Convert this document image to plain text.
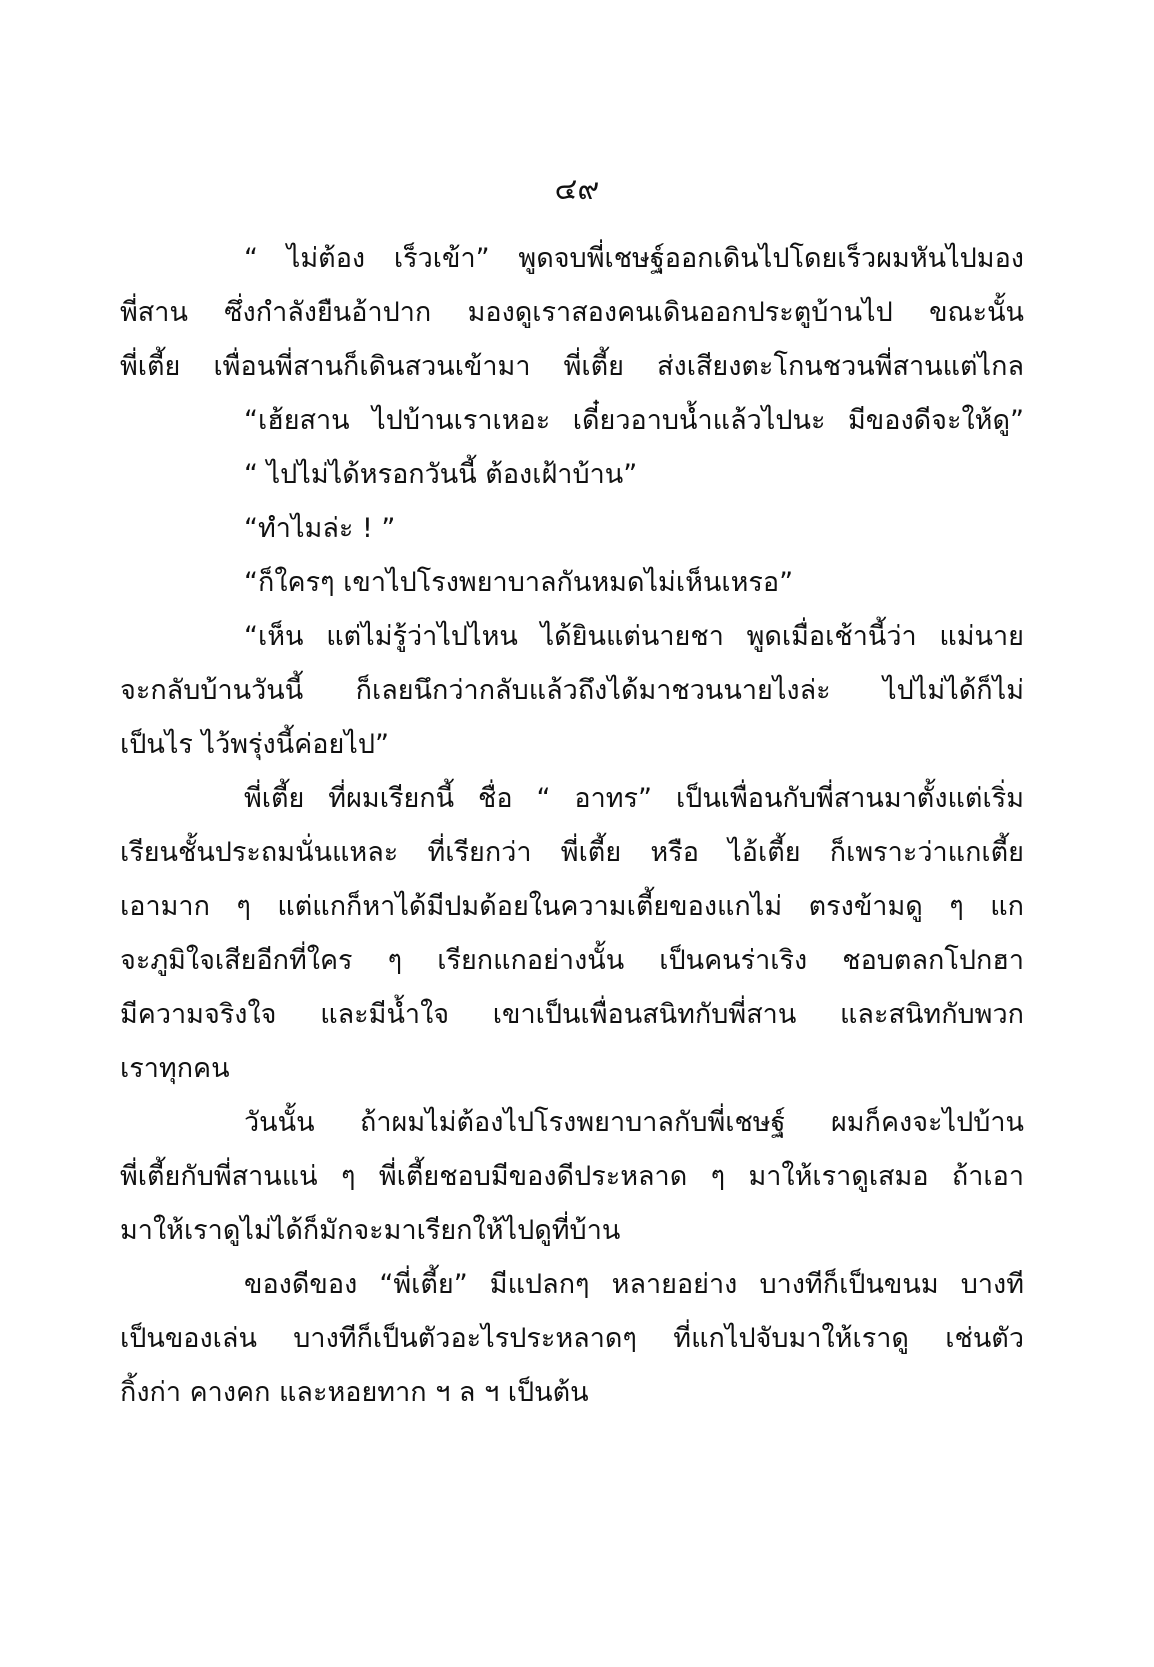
๔๙
“ ไม่ต้อง เร็วเข้า” พูดจบพี่เชษฐ์ออกเดินไปโดยเร็วผมหันไปมอง
พี่สาน ซึ่งกำลังยืนอ้าปาก มองดูเราสองคนเดินออกประตูบ้านไป ขณะนั้น
พี่เตี้ย เพื่อนพี่สานก็เดินสวนเข้ามา พี่เตี้ย ส่งเสียงตะโกนชวนพี่สานแต่ไกล
“เฮ้ยสาน ไปบ้านเราเหอะ เดี๋ยวอาบน้ำแล้วไปนะ มีของดีจะให้ดู”
“ ไปไม่ได้หรอกวันนี้ ต้องเฝ้าบ้าน”
“ทำไมล่ะ ! ”
“ก็ใครๆ เขาไปโรงพยาบาลกันหมดไม่เห็นเหรอ”
“เห็น แต่ไม่รู้ว่าไปไหน ได้ยินแต่นายชา พูดเมื่อเช้านี้ว่า แม่นาย
จะกลับบ้านวันนี้ ก็เลยนึกว่ากลับแล้วถึงได้มาชวนนายไงล่ะ ไปไม่ได้ก็ไม่
เป็นไร ไว้พรุ่งนี้ค่อยไป”
พี่เตี้ย ที่ผมเรียกนี้ ชื่อ “ อาทร” เป็นเพื่อนกับพี่สานมาตั้งแต่เริ่ม
เรียนชั้นประถมนั่นแหละ ที่เรียกว่า พี่เตี้ย หรือ ไอ้เตี้ย ก็เพราะว่าแกเตี้ย
เอามาก ๆ แต่แกก็หาได้มีปมด้อยในความเตี้ยของแกไม่ ตรงข้ามดู ๆ แก
จะภูมิใจเสียอีกที่ใคร ๆ เรียกแกอย่างนั้น เป็นคนร่าเริง ชอบตลกโปกฮา
มีความจริงใจ และมีน้ำใจ เขาเป็นเพื่อนสนิทกับพี่สาน และสนิทกับพวก
เราทุกคน
วันนั้น ถ้าผมไม่ต้องไปโรงพยาบาลกับพี่เชษฐ์ ผมก็คงจะไปบ้าน
พี่เตี้ยกับพี่สานแน่ ๆ พี่เตี้ยชอบมีของดีประหลาด ๆ มาให้เราดูเสมอ ถ้าเอา
มาให้เราดูไม่ได้ก็มักจะมาเรียกให้ไปดูที่บ้าน
ของดีของ “พี่เตี้ย” มีแปลกๆ หลายอย่าง บางทีก็เป็นขนม บางที
เป็นของเล่น บางทีก็เป็นตัวอะไรประหลาดๆ ที่แกไปจับมาให้เราดู เช่นตัว
กิ้งก่า คางคก และหอยทาก ฯ ล ฯ เป็นต้น
